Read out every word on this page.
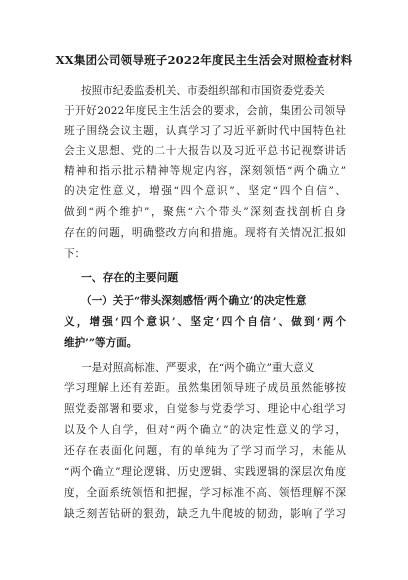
XX集团公司领导班子2022年度民主生活会对照检查材料
按照市纪委监委机关、市委组织部和市国资委党委关
于开好2022年度民主生活会的要求，会前，集团公司领导
班子围绕会议主题，认真学习了习近平新时代中国特色社
会主义思想、党的二十大报告以及习近平总书记视察讲话
精神和指示批示精神等规定内容，深刻领悟“两个确立”
的决定性意义，增强“四个意识”、坚定“四个自信”、
做到“两个维护”，聚焦“六个带头”深刻查找剖析自身
存在的问题，明确整改方向和措施。现将有关情况汇报如
下：
一、存在的主要问题
（一）关于“带头深刻感悟‘两个确立’的决定性意
义，增强‘四个意识’、坚定‘四个自信’、做到‘两个
维护’”等方面。
一是对照高标准、严要求，在“两个确立”重大意义
学习理解上还有差距。虽然集团领导班子成员虽然能够按
照党委部署和要求，自觉参与党委学习、理论中心组学习
以及个人自学，但对“两个确立”的决定性意义的学习，
还存在表面化问题，有的单纯为了学习而学习，未能从
“两个确立”理论逻辑、历史逻辑、实践逻辑的深层次角度
度，全面系统领悟和把握，学习标准不高、领悟理解不深
缺乏刻苦钻研的狠劲，缺乏九牛爬坡的韧劲，影响了学习
